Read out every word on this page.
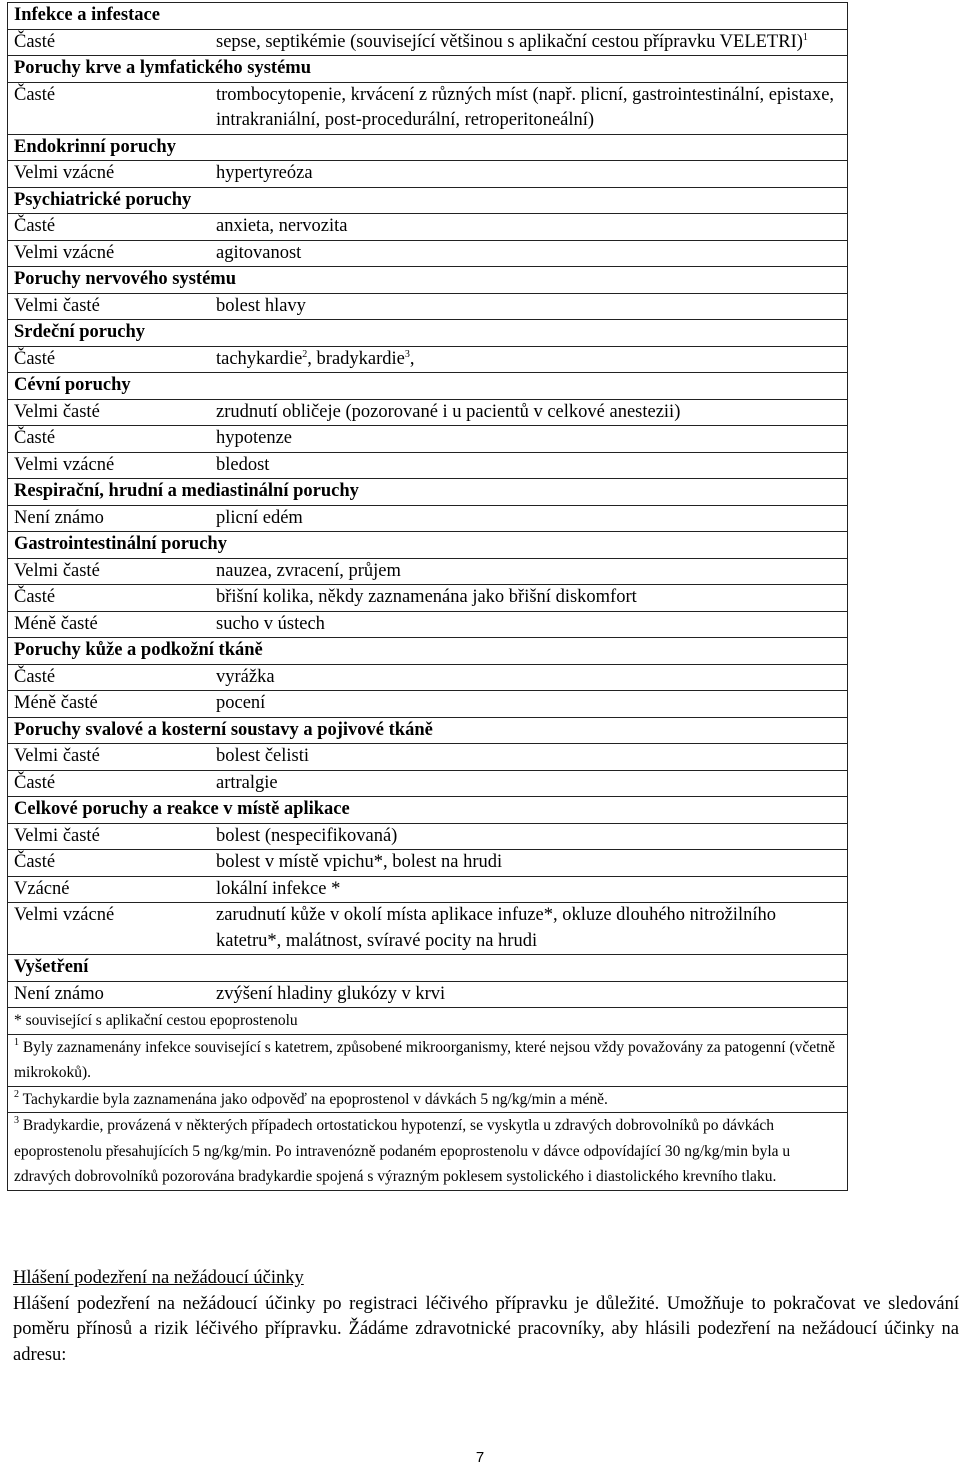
Infekce a infestace	
Časté	sepse, septikémie (související většinou s aplikační cestou přípravku VELETRI)$^1$
Poruchy krve a lymfatického systému	
Časté	trombocytopenie, krvácení z různých míst (např. plicní, gastrointestinální, epistaxe, intrakraniální, post-procedurální, retroperitoneální)
Endokrinní poruchy	
Velmi vzácné	hypertyreóza
Psychiatrické poruchy	
Časté	anxieta, nervozita
Velmi vzácné	agitovanost
Poruchy nervového systému	
Velmi časté	bolest hlavy
Srdeční poruchy	
Časté	tachykardie$^2$, bradykardie$^3$,
Cévní poruchy	
Velmi časté	zrudnutí obličeje (pozorované i u pacientů v celkové anestezii)
Časté	hypotenze
Velmi vzácné	bledost
Respirační, hrudní a mediastinální poruchy	
Není známo	plicní edém
Gastrointestinální poruchy	
Velmi časté	nauzea, zvracení, průjem
Časté	břišní kolika, někdy zaznamenána jako břišní diskomfort
Méně časté	sucho v ústech
Poruchy kůže a podkožní tkáně	
Časté	vyrážka
Méně časté	pocení
Poruchy svalové a kosterní soustavy a pojivové tkáně	
Velmi časté	bolest čelisti
Časté	artralgie
Celkové poruchy a reakce v místě aplikace	
Velmi časté	bolest (nespecifikovaná)
Časté	bolest v místě vpichu*, bolest na hrudi
Vzácné	lokální infekce *
Velmi vzácné	zarudnutí kůže v okolí místa aplikace infuze*, okluze dlouhého nitrožilního katetru*, malátnost, svíravé pocity na hrudi
Vyšetření	
Není známo	zvýšení hladiny glukózy v krvi
* související s aplikační cestou epoprostenolu	
$^1$ Byly zaznamenány infekce související s katetrem, způsobené mikroorganismy, které nejsou vždy považovány za patogenní (včetně mikrokoků).	
$^2$ Tachykardie byla zaznamenána jako odpověď na epoprostenol v dávkách 5 ng/kg/min a méně.	
$^3$ Bradykardie, provázená v některých případech ortostatickou hypotenzí, se vyskytla u zdravých dobrovolníků po dávkách epoprostenolu přesahujících 5 ng/kg/min. Po intravenózně podaném epoprostenolu v dávce odpovídající 30 ng/kg/min byla u zdravých dobrovolníků pozorována bradykardie spojená s výrazným poklesem systolického i diastolického krevního tlaku.	
Hlášení podezření na nežádoucí účinky
Hlášení podezření na nežádoucí účinky po registraci léčivého přípravku je důležité. Umožňuje to pokračovat ve sledování poměru přínosů a rizik léčivého přípravku. Žádáme zdravotnické pracovníky, aby hlásili podezření na nežádoucí účinky na adresu:
7
